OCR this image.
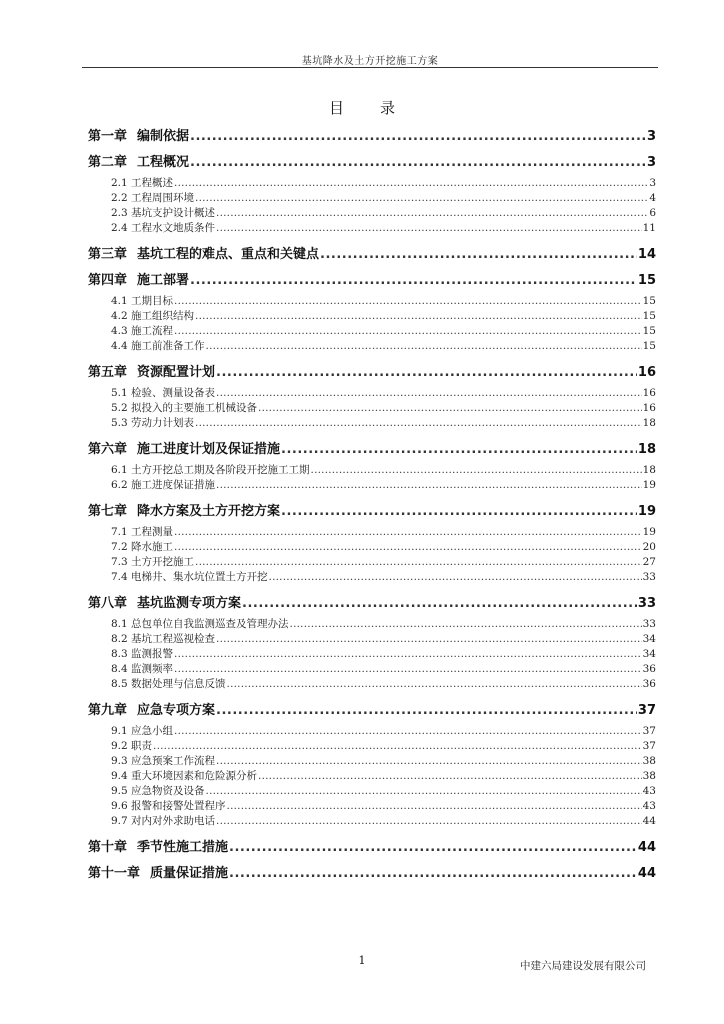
基坑降水及土方开挖施工方案
目 录
第一章 编制依据 .....	3
第二章 工程概况 .....	3
2.1 工程概述 .....	3
2.2 工程周围环境 .....	4
2.3 基坑支护设计概述 .....	6
2.4 工程水文地质条件 .....	11
第三章 基坑工程的难点、重点和关键点 .....	14
第四章 施工部署 .....	15
4.1 工期目标 .....	15
4.2 施工组织结构 .....	15
4.3 施工流程 .....	15
4.4 施工前准备工作 .....	15
第五章 资源配置计划 .....	16
5.1 检验、测量设备表 .....	16
5.2 拟投入的主要施工机械设备 .....	16
5.3 劳动力计划表 .....	18
第六章 施工进度计划及保证措施 .....	18
6.1 土方开挖总工期及各阶段开挖施工工期 .....	18
6.2 施工进度保证措施 .....	19
第七章 降水方案及土方开挖方案 .....	19
7.1 工程测量 .....	19
7.2 降水施工 .....	20
7.3 土方开挖施工 .....	27
7.4 电梯井、集水坑位置土方开挖 .....	33
第八章 基坑监测专项方案 .....	33
8.1 总包单位自我监测巡查及管理办法 .....	33
8.2 基坑工程巡视检查 .....	34
8.3 监测报警 .....	34
8.4 监测频率 .....	36
8.5 数据处理与信息反馈 .....	36
第九章 应急专项方案 .....	37
9.1 应急小组 .....	37
9.2 职责 .....	37
9.3 应急预案工作流程 .....	38
9.4 重大环境因素和危险源分析 .....	38
9.5 应急物资及设备 .....	43
9.6 报警和接警处置程序 .....	43
9.7 对内对外求助电话 .....	44
第十章 季节性施工措施 .....	44
第十一章 质量保证措施 .....	44
1	中建六局建设发展有限公司
